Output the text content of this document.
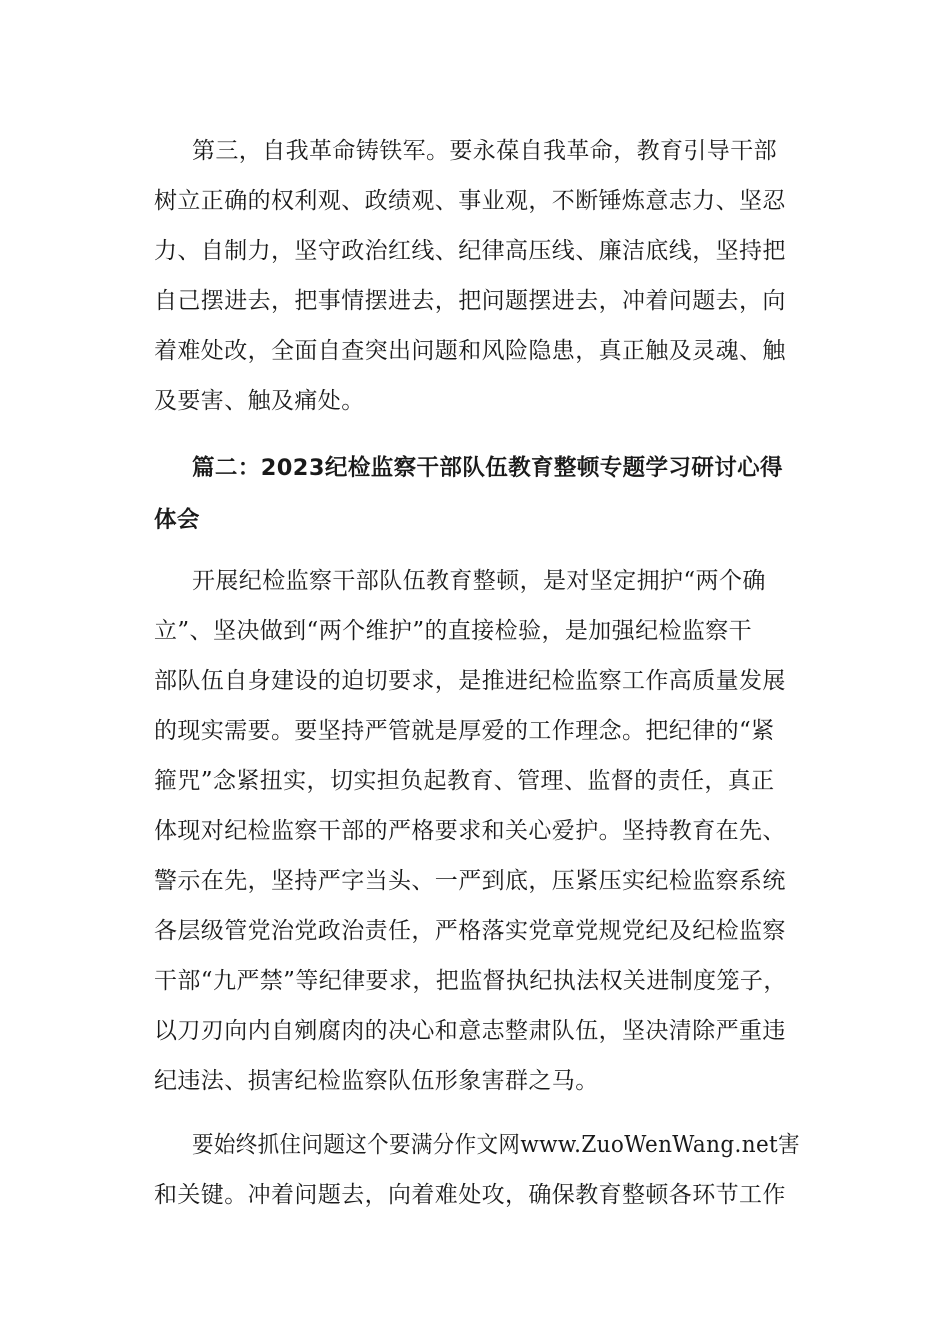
第三，自我革命铸铁军。要永葆自我革命，教育引导干部
树立正确的权利观、政绩观、事业观，不断锤炼意志力、坚忍
力、自制力，坚守政治红线、纪律高压线、廉洁底线，坚持把
自己摆进去，把事情摆进去，把问题摆进去，冲着问题去，向
着难处改，全面自查突出问题和风险隐患，真正触及灵魂、触
及要害、触及痛处。
篇二：2023纪检监察干部队伍教育整顿专题学习研讨心得
体会
开展纪检监察干部队伍教育整顿，是对坚定拥护“两个确
立”、坚决做到“两个维护”的直接检验，是加强纪检监察干
部队伍自身建设的迫切要求，是推进纪检监察工作高质量发展
的现实需要。要坚持严管就是厚爱的工作理念。把纪律的“紧
箍咒”念紧扭实，切实担负起教育、管理、监督的责任，真正
体现对纪检监察干部的严格要求和关心爱护。坚持教育在先、
警示在先，坚持严字当头、一严到底，压紧压实纪检监察系统
各层级管党治党政治责任，严格落实党章党规党纪及纪检监察
干部“九严禁”等纪律要求，把监督执纪执法权关进制度笼子，
以刀刃向内自剜腐肉的决心和意志整肃队伍，坚决清除严重违
纪违法、损害纪检监察队伍形象害群之马。
要始终抓住问题这个要满分作文网www.ZuoWenWang.net害
和关键。冲着问题去，向着难处攻，确保教育整顿各环节工作
